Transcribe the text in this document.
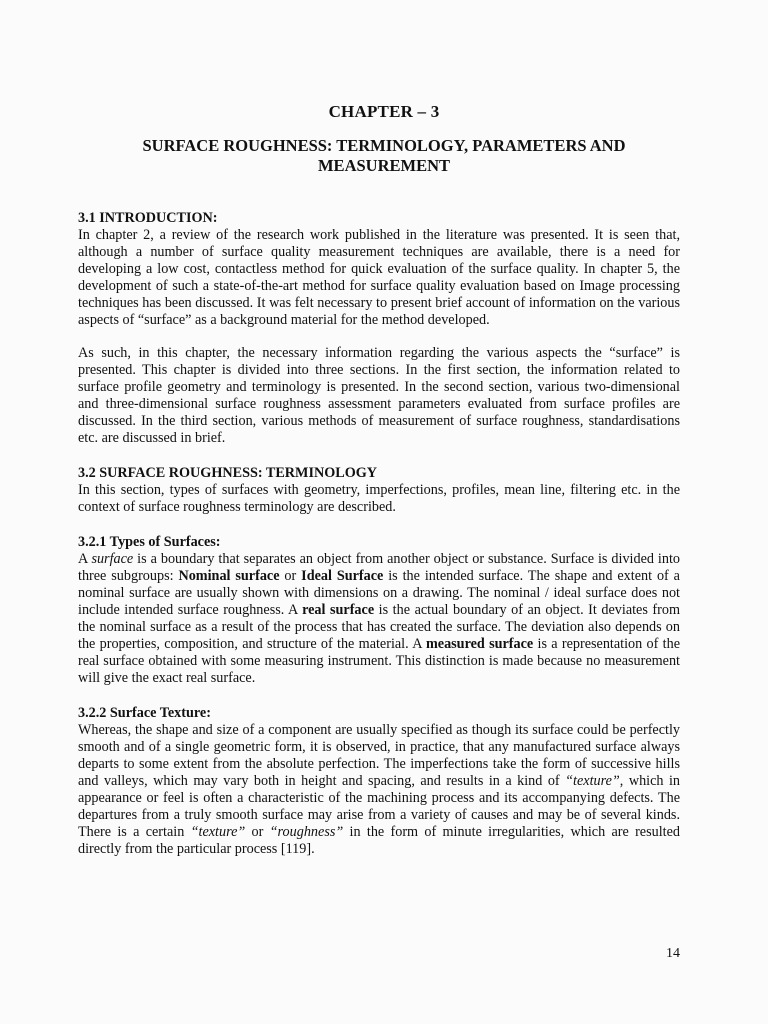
CHAPTER – 3
SURFACE ROUGHNESS: TERMINOLOGY, PARAMETERS AND MEASUREMENT

3.1 INTRODUCTION:

In chapter 2, a review of the research work published in the literature was presented. It is seen that, although a number of surface quality measurement techniques are available, there is a need for developing a low cost, contactless method for quick evaluation of the surface quality. In chapter 5, the development of such a state-of-the-art method for surface quality evaluation based on Image processing techniques has been discussed. It was felt necessary to present brief account of information on the various aspects of “surface” as a background material for the method developed.

As such, in this chapter, the necessary information regarding the various aspects the “surface” is presented. This chapter is divided into three sections. In the first section, the information related to surface profile geometry and terminology is presented. In the second section, various two-dimensional and three-dimensional surface roughness assessment parameters evaluated from surface profiles are discussed. In the third section, various methods of measurement of surface roughness, standardisations etc. are discussed in brief.

3.2 SURFACE ROUGHNESS: TERMINOLOGY

In this section, types of surfaces with geometry, imperfections, profiles, mean line, filtering etc. in the context of surface roughness terminology are described.

3.2.1 Types of Surfaces:

A surface is a boundary that separates an object from another object or substance. Surface is divided into three subgroups: Nominal surface or Ideal Surface is the intended surface. The shape and extent of a nominal surface are usually shown with dimensions on a drawing. The nominal / ideal surface does not include intended surface roughness. A real surface is the actual boundary of an object. It deviates from the nominal surface as a result of the process that has created the surface. The deviation also depends on the properties, composition, and structure of the material. A measured surface is a representation of the real surface obtained with some measuring instrument. This distinction is made because no measurement will give the exact real surface.

3.2.2 Surface Texture:

Whereas, the shape and size of a component are usually specified as though its surface could be perfectly smooth and of a single geometric form, it is observed, in practice, that any manufactured surface always departs to some extent from the absolute perfection. The imperfections take the form of successive hills and valleys, which may vary both in height and spacing, and results in a kind of “texture”, which in appearance or feel is often a characteristic of the machining process and its accompanying defects. The departures from a truly smooth surface may arise from a variety of causes and may be of several kinds. There is a certain “texture” or “roughness” in the form of minute irregularities, which are resulted directly from the particular process [119].

14
